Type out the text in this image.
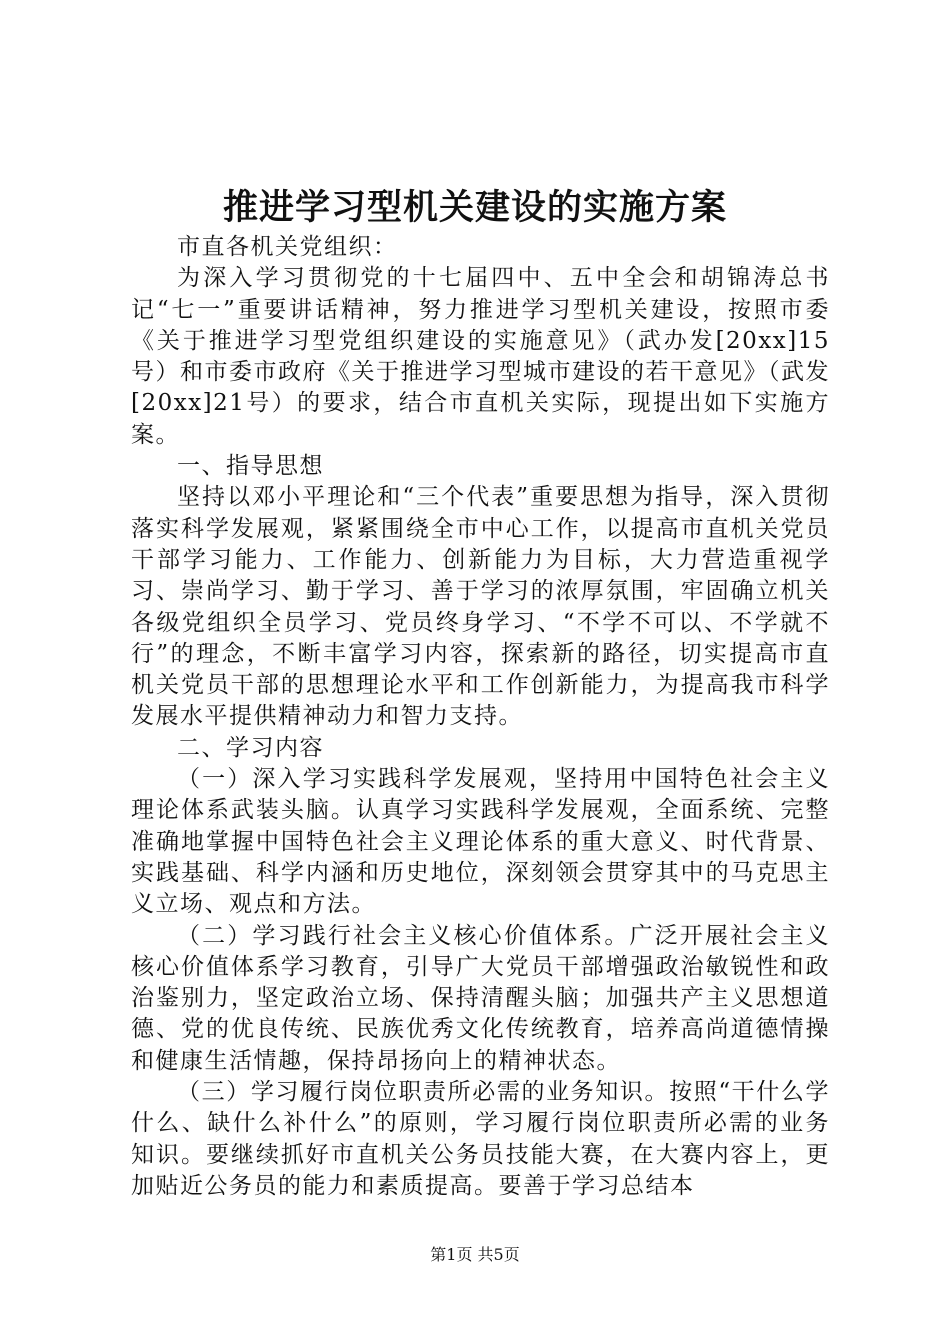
推进学习型机关建设的实施方案

市直各机关党组织：

为深入学习贯彻党的十七届四中、五中全会和胡锦涛总书记“七一”重要讲话精神，努力推进学习型机关建设，按照市委《关于推进学习型党组织建设的实施意见》（武办发[20xx]15号）和市委市政府《关于推进学习型城市建设的若干意见》（武发[20xx]21号）的要求，结合市直机关实际，现提出如下实施方案。

一、指导思想

坚持以邓小平理论和“三个代表”重要思想为指导，深入贯彻落实科学发展观，紧紧围绕全市中心工作，以提高市直机关党员干部学习能力、工作能力、创新能力为目标，大力营造重视学习、崇尚学习、勤于学习、善于学习的浓厚氛围，牢固确立机关各级党组织全员学习、党员终身学习、“不学不可以、不学就不行”的理念，不断丰富学习内容，探索新的路径，切实提高市直机关党员干部的思想理论水平和工作创新能力，为提高我市科学发展水平提供精神动力和智力支持。

二、学习内容

（一）深入学习实践科学发展观，坚持用中国特色社会主义理论体系武装头脑。认真学习实践科学发展观，全面系统、完整准确地掌握中国特色社会主义理论体系的重大意义、时代背景、实践基础、科学内涵和历史地位，深刻领会贯穿其中的马克思主义立场、观点和方法。

（二）学习践行社会主义核心价值体系。广泛开展社会主义核心价值体系学习教育，引导广大党员干部增强政治敏锐性和政治鉴别力，坚定政治立场、保持清醒头脑；加强共产主义思想道德、党的优良传统、民族优秀文化传统教育，培养高尚道德情操和健康生活情趣，保持昂扬向上的精神状态。

（三）学习履行岗位职责所必需的业务知识。按照“干什么学什么、缺什么补什么”的原则，学习履行岗位职责所必需的业务知识。要继续抓好市直机关公务员技能大赛，在大赛内容上，更加贴近公务员的能力和素质提高。要善于学习总结本

第1页 共5页
